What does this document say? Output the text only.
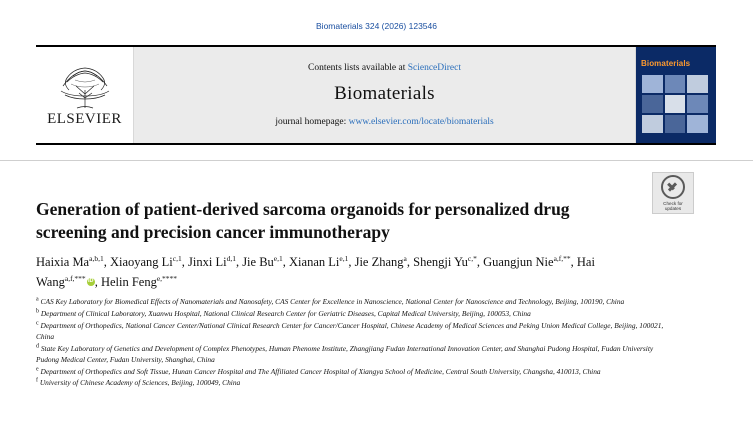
Biomaterials 324 (2026) 123546
ELSEVIER
Contents lists available at ScienceDirect
Biomaterials
journal homepage: www.elsevier.com/locate/biomaterials
Biomaterials
Check for
updates
Generation of patient-derived sarcoma organoids for personalized drug screening and precision cancer immunotherapy
Haixia Ma$^{a,b,1}$, Xiaoyang Li$^{c,1}$, Jinxi Li$^{d,1}$, Jie Bu$^{e,1}$, Xianan Li$^{e,1}$, Jie Zhang$^a$, Shengji $Yu^{c,*}$, Guangjun Nie$^{a,f,**}$, Hai Wang$^{a,f,***}$ iD , Helin Feng$^{e,****}$
$^a$ CAS Key Laboratory for Biomedical Effects of Nanomaterials and Nanosafety, CAS Center for Excellence in Nanoscience, National Center for Nanoscience and Technology, Beijing, 100190, China
$^b$ Department of Clinical Laboratory, Xuanwu Hospital, National Clinical Research Center for Geriatric Diseases, Capital Medical University, Beijing, 100053, China
$^c$ Department of Orthopedics, National Cancer Center/National Clinical Research Center for Cancer/Cancer Hospital, Chinese Academy of Medical Sciences and Peking Union Medical College, Beijing, 100021, China
$^d$ State Key Laboratory of Genetics and Development of Complex Phenotypes, Human Phenome Institute, Zhangjiang Fudan International Innovation Center, and Shanghai Pudong Hospital, Fudan University Pudong Medical Center, Fudan University, Shanghai, China
$^e$ Department of Orthopedics and Soft Tissue, Hunan Cancer Hospital and The Affiliated Cancer Hospital of Xiangya School of Medicine, Central South University, Changsha, 410013, China
$^f$ University of Chinese Academy of Sciences, Beijing, 100049, China
